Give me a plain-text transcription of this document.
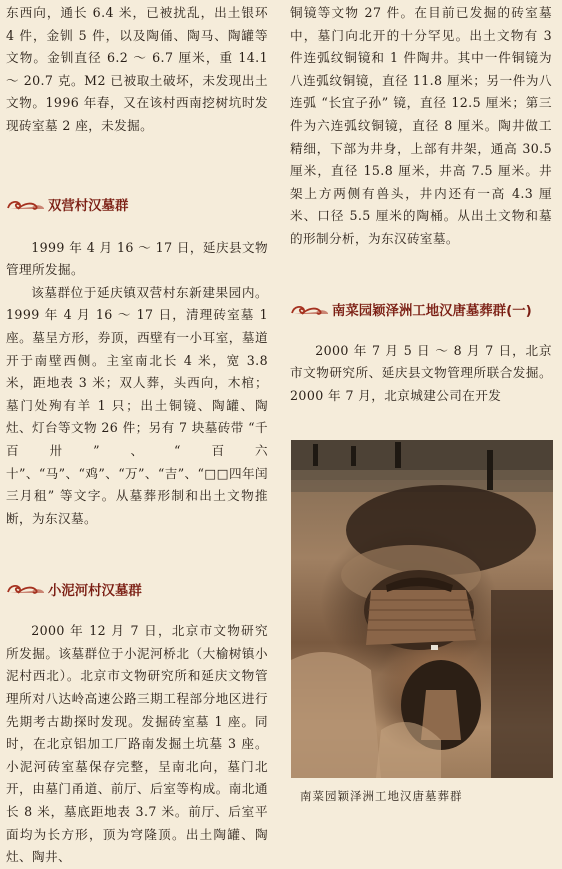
东西向，通长 6.4 米，已被扰乱，出土银环 4 件，金钏 5 件，以及陶俑、陶马、陶罐等文物。金钏直径 6.2 ～ 6.7 厘米，重 14.1 ～ 20.7 克。M2 已被取土破坏，未发现出土文物。1996 年春，又在该村西南挖树坑时发现砖室墓 2 座，未发掘。

双营村汉墓群

1999 年 4 月 16 ～ 17 日，延庆县文物管理所发掘。

该墓群位于延庆镇双营村东新建果园内。1999 年 4 月 16 ～ 17 日，清理砖室墓 1 座。墓呈方形，券顶，西壁有一小耳室，墓道开于南壁西侧。主室南北长 4 米，宽 3.8 米，距地表 3 米；双人葬，头西向，木棺；墓门处殉有羊 1 只；出土铜镜、陶罐、陶灶、灯台等文物 26 件；另有 7 块墓砖带 “千百卅”、“百六十”、“马”、“鸡”、“万”、“吉”、“□□四年闰三月租” 等文字。从墓葬形制和出土文物推断，为东汉墓。

小泥河村汉墓群

2000 年 12 月 7 日，北京市文物研究所发掘。该墓群位于小泥河桥北（大榆树镇小泥村西北）。北京市文物研究所和延庆文物管理所对八达岭高速公路三期工程部分地区进行先期考古勘探时发现。发掘砖室墓 1 座。同时，在北京铝加工厂路南发掘土坑墓 3 座。小泥河砖室墓保存完整，呈南北向，墓门北开，由墓门甬道、前厅、后室等构成。南北通长 8 米，墓底距地表 3.7 米。前厅、后室平面均为长方形，顶为穹隆顶。出土陶罐、陶灶、陶井、

铜镜等文物 27 件。在目前已发掘的砖室墓中，墓门向北开的十分罕见。出土文物有 3 件连弧纹铜镜和 1 件陶井。其中一件铜镜为八连弧纹铜镜，直径 11.8 厘米；另一件为八连弧 “长宜子孙” 镜，直径 12.5 厘米；第三件为六连弧纹铜镜，直径 8 厘米。陶井做工精细，下部为井身，上部有井架，通高 30.5 厘米，直径 15.8 厘米，井高 7.5 厘米。井架上方两侧有兽头，井内还有一高 4.3 厘米、口径 5.5 厘米的陶桶。从出土文物和墓的形制分析，为东汉砖室墓。

南菜园颖泽洲工地汉唐墓葬群(一)

2000 年 7 月 5 日 ～ 8 月 7 日，北京市文物研究所、延庆县文物管理所联合发掘。2000 年 7 月，北京城建公司在开发

南菜园颖泽洲工地汉唐墓葬群
